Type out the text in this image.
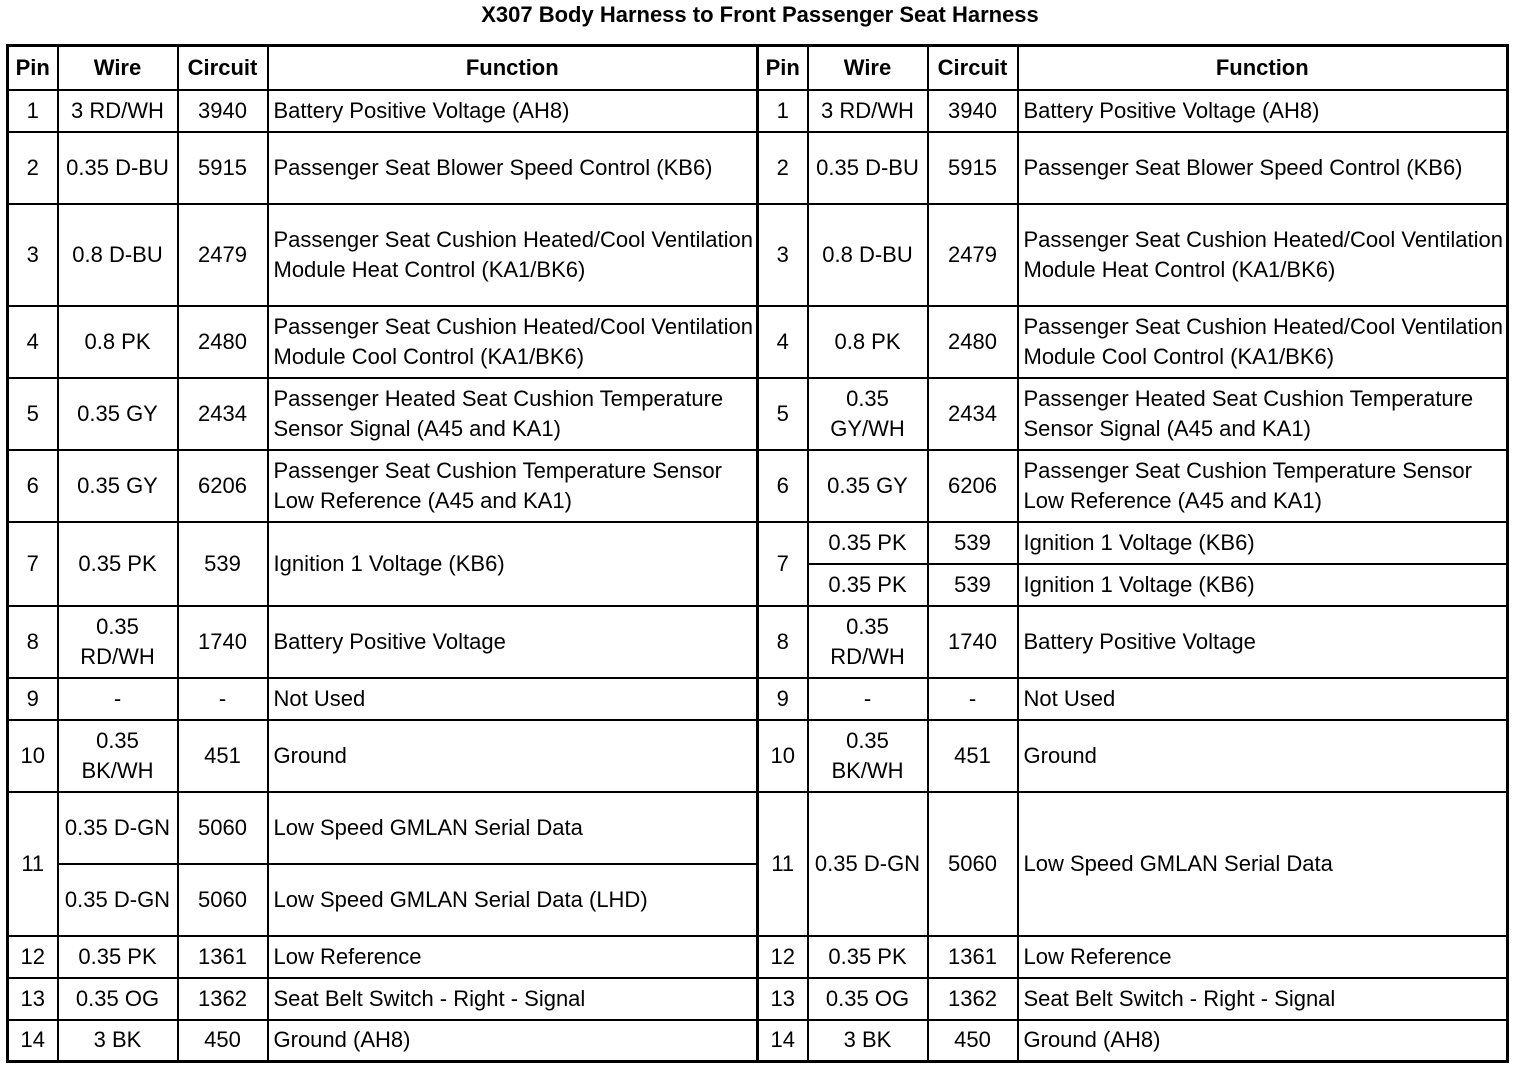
X307 Body Harness to Front Passenger Seat Harness
Pin	Wire	Circuit	Function	Pin	Wire	Circuit	Function
1	3 RD/WH	3940	Battery Positive Voltage (AH8)	1	3 RD/WH	3940	Battery Positive Voltage (AH8)
2	0.35 D-BU	5915	Passenger Seat Blower Speed Control (KB6)	2	0.35 D-BU	5915	Passenger Seat Blower Speed Control (KB6)
3	0.8 D-BU	2479	Passenger Seat Cushion Heated/Cool Ventilation Module Heat Control (KA1/BK6)	3	0.8 D-BU	2479	Passenger Seat Cushion Heated/Cool Ventilation Module Heat Control (KA1/BK6)
4	0.8 PK	2480	Passenger Seat Cushion Heated/Cool Ventilation Module Cool Control (KA1/BK6)	4	0.8 PK	2480	Passenger Seat Cushion Heated/Cool Ventilation Module Cool Control (KA1/BK6)
5	0.35 GY	2434	Passenger Heated Seat Cushion Temperature Sensor Signal (A45 and KA1)	5	0.35 GY/WH	2434	Passenger Heated Seat Cushion Temperature Sensor Signal (A45 and KA1)
6	0.35 GY	6206	Passenger Seat Cushion Temperature Sensor Low Reference (A45 and KA1)	6	0.35 GY	6206	Passenger Seat Cushion Temperature Sensor Low Reference (A45 and KA1)
7	0.35 PK	539	Ignition 1 Voltage (KB6)	7	0.35 PK	539	Ignition 1 Voltage (KB6)
					0.35 PK	539	Ignition 1 Voltage (KB6)
8	0.35 RD/WH	1740	Battery Positive Voltage	8	0.35 RD/WH	1740	Battery Positive Voltage
9	-	-	Not Used	9	-	-	Not Used
10	0.35 BK/WH	451	Ground	10	0.35 BK/WH	451	Ground
11	0.35 D-GN	5060	Low Speed GMLAN Serial Data	11	0.35 D-GN	5060	Low Speed GMLAN Serial Data
	0.35 D-GN	5060	Low Speed GMLAN Serial Data (LHD)				
12	0.35 PK	1361	Low Reference	12	0.35 PK	1361	Low Reference
13	0.35 OG	1362	Seat Belt Switch - Right - Signal	13	0.35 OG	1362	Seat Belt Switch - Right - Signal
14	3 BK	450	Ground (AH8)	14	3 BK	450	Ground (AH8)
